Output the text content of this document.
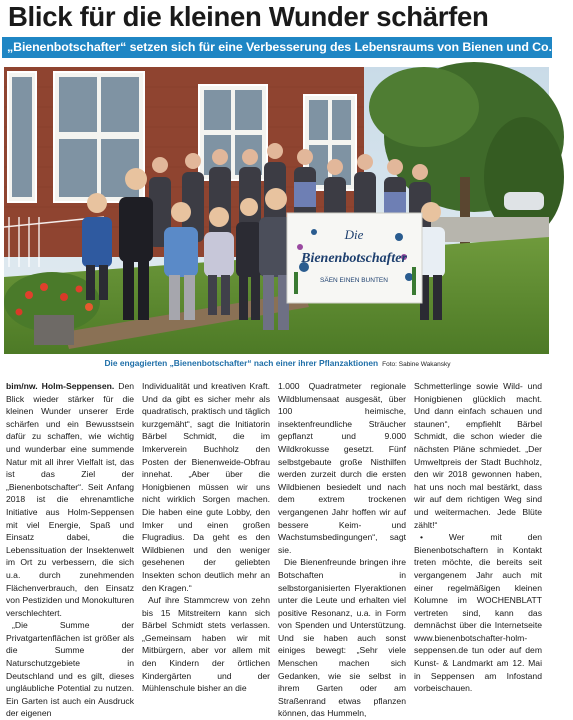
Blick für die kleinen Wunder schärfen
„Bienenbotschafter“ setzen sich für eine Verbesserung des Lebensraums von Bienen und Co. ein
Die
Bienenbotschafter
SÄEN EINEN BUNTEN
Die engagierten „Bienenbotschafter“ nach einer ihrer Pflanzaktionen Foto: Sabine Wakansky

bim/nw. Holm-Seppensen. Den Blick wieder stärker für die kleinen Wunder unserer Erde schärfen und ein Bewusstsein dafür zu schaffen, wie wichtig und wunderbar eine summende Natur mit all ihrer Vielfalt ist, das ist das Ziel der „Bienenbotschafter“. Seit Anfang 2018 ist die ehrenamtliche Initiative aus Holm-Seppensen mit viel Energie, Spaß und Einsatz dabei, die Lebenssituation der Insektenwelt im Ort zu verbessern, die sich u.a. durch zunehmenden Flächenverbrauch, den Einsatz von Pestiziden und Monokulturen verschlechtert.

„Die Summe der Privatgartenflächen ist größer als die Summe der Naturschutzgebiete in Deutschland und es gilt, dieses ungláubliche Potential zu nutzen. Ein Garten ist auch ein Ausdruck der eigenen

Individualität und kreativen Kraft. Und da gibt es sicher mehr als quadratisch, praktisch und täglich kurzgemäht“, sagt die Initiatorin Bärbel Schmidt, die im Imkerverein Buchholz den Posten der Bienenweide-Obfrau innehat. „Aber über die Honigbienen müssen wir uns nicht wirklich Sorgen machen. Die haben eine gute Lobby, den Imker und einen großen Flugradius. Da geht es den Wildbienen und den weniger gesehenen der geliebten Insekten schon deutlich mehr an den Kragen.“

Auf ihre Stammcrew von zehn bis 15 Mitstreitern kann sich Bärbel Schmidt stets verlassen. „Gemeinsam haben wir mit Mitbürgern, aber vor allem mit den Kindern der örtlichen Kindergärten und der Mühlenschule bisher an die

1.000 Quadratmeter regionale Wildblumensaat ausgesät, über 100 heimische, insektenfreundliche Sträucher gepflanzt und 9.000 Wildkrokusse gesetzt. Fünf selbstgebaute große Nisthilfen werden zurzeit durch die ersten Wildbienen besiedelt und nach dem extrem trockenen vergangenen Jahr hoffen wir auf bessere Keim- und Wachstumsbedingungen“, sagt sie.

Die Bienenfreunde bringen ihre Botschaften in selbstorganisierten Flyeraktionen unter die Leute und erhalten viel positive Resonanz, u.a. in Form von Spenden und Unterstützung. Und sie haben auch sonst einiges bewegt: „Sehr viele Menschen machen sich Gedanken, wie sie selbst in ihrem Garten oder am Straßenrand etwas pflanzen können, das Hummeln,

Schmetterlinge sowie Wild- und Honigbienen glücklich macht. Und dann einfach schauen und staunen“, empfiehlt Bärbel Schmidt, die schon wieder die nächsten Pläne schmiedet. „Der Umweltpreis der Stadt Buchholz, den wir 2018 gewonnen haben, hat uns noch mal bestärkt, dass wir auf dem richtigen Weg sind und weitermachen. Jede Blüte zählt!“

• Wer mit den Bienenbotschaftern in Kontakt treten möchte, die bereits seit vergangenem Jahr auch mit einer regelmäßigen kleinen Kolumne im WOCHENBLATT vertreten sind, kann das demnächst über die Internetseite www.bienenbotschafter-holm-seppensen.de tun oder auf dem Kunst- & Landmarkt am 12. Mai in Seppensen am Infostand vorbeischauen.
